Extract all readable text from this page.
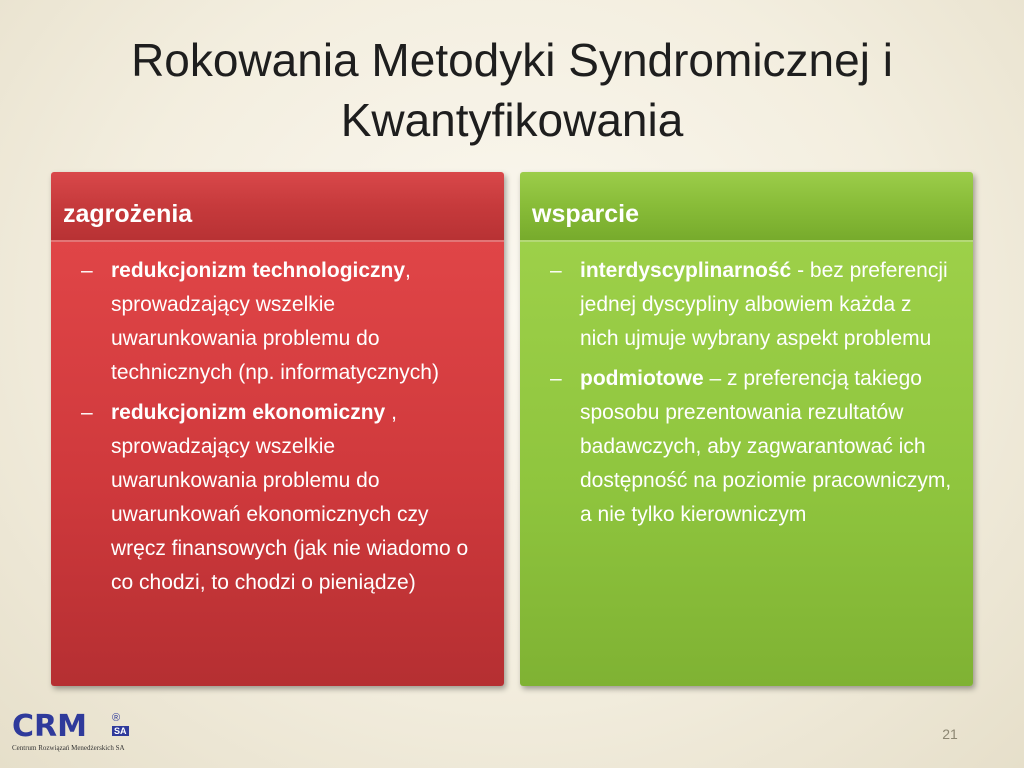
Rokowania Metodyki Syndromicznej i Kwantyfikowania
zagrożenia
– redukcjonizm technologiczny, sprowadzający wszelkie uwarunkowania problemu do technicznych (np. informatycznych)
– redukcjonizm ekonomiczny , sprowadzający wszelkie uwarunkowania problemu do uwarunkowań ekonomicznych czy wręcz finansowych (jak nie wiadomo o co chodzi, to chodzi o pieniądze)
wsparcie
– interdyscyplinarność - bez preferencji jednej dyscypliny albowiem każda z nich ujmuje wybrany aspekt problemu
– podmiotowe – z preferencją takiego sposobu prezentowania rezultatów badawczych, aby zagwarantować ich dostępność na poziomie pracowniczym, a nie tylko kierowniczym
CRM	®
SA
Centrum Rozwiązań Menedżerskich SA
21
